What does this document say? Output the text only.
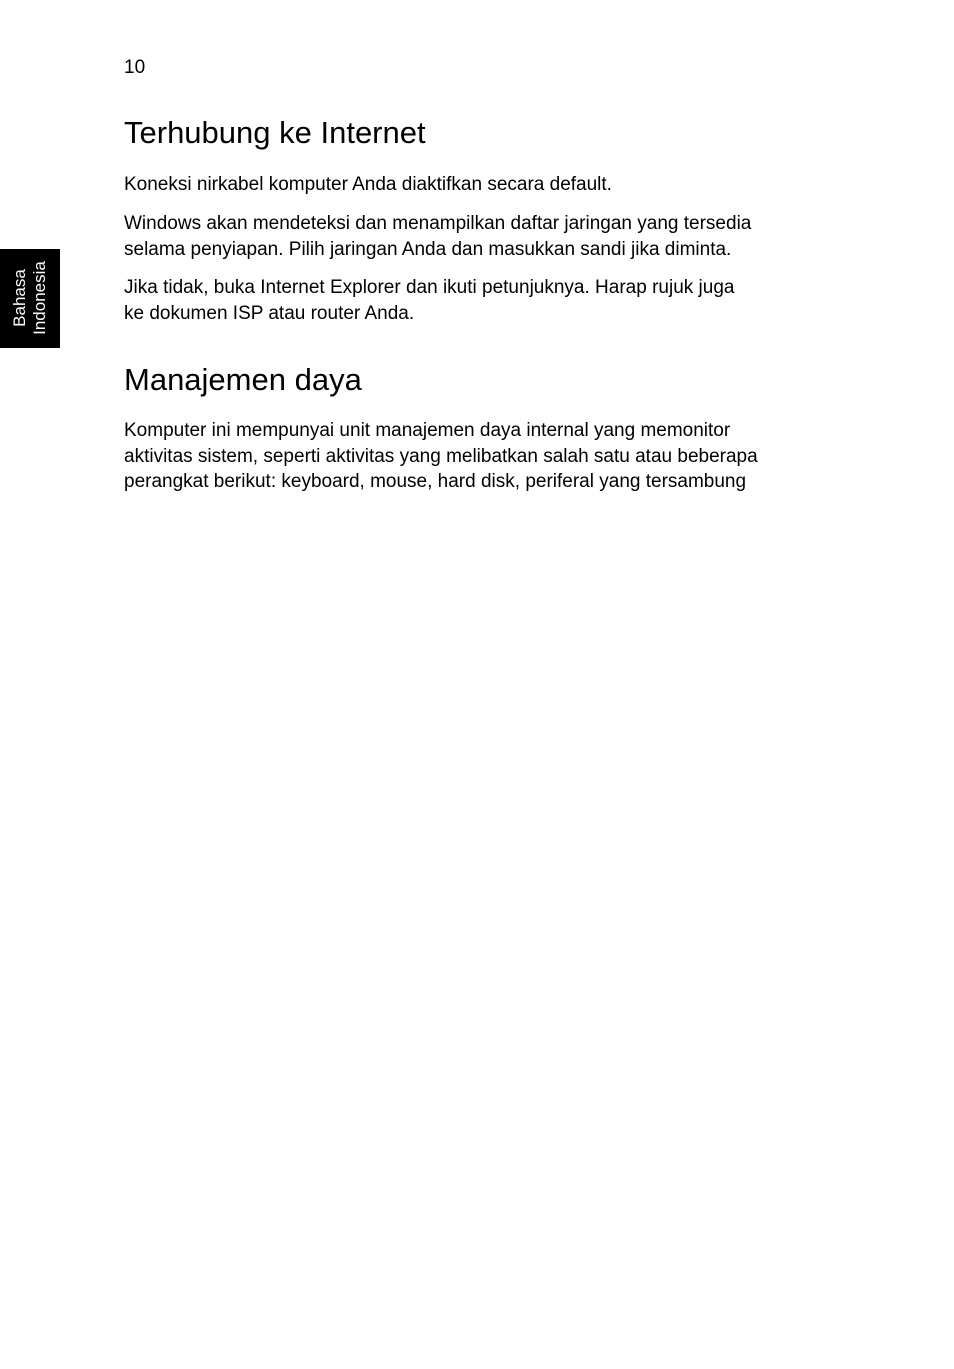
10
Bahasa Indonesia
Terhubung ke Internet

Koneksi nirkabel komputer Anda diaktifkan secara default.

Windows akan mendeteksi dan menampilkan daftar jaringan yang tersedia
selama penyiapan. Pilih jaringan Anda dan masukkan sandi jika diminta.

Jika tidak, buka Internet Explorer dan ikuti petunjuknya. Harap rujuk juga
ke dokumen ISP atau router Anda.

Manajemen daya

Komputer ini mempunyai unit manajemen daya internal yang memonitor
aktivitas sistem, seperti aktivitas yang melibatkan salah satu atau beberapa
perangkat berikut: keyboard, mouse, hard disk, periferal yang tersambung
